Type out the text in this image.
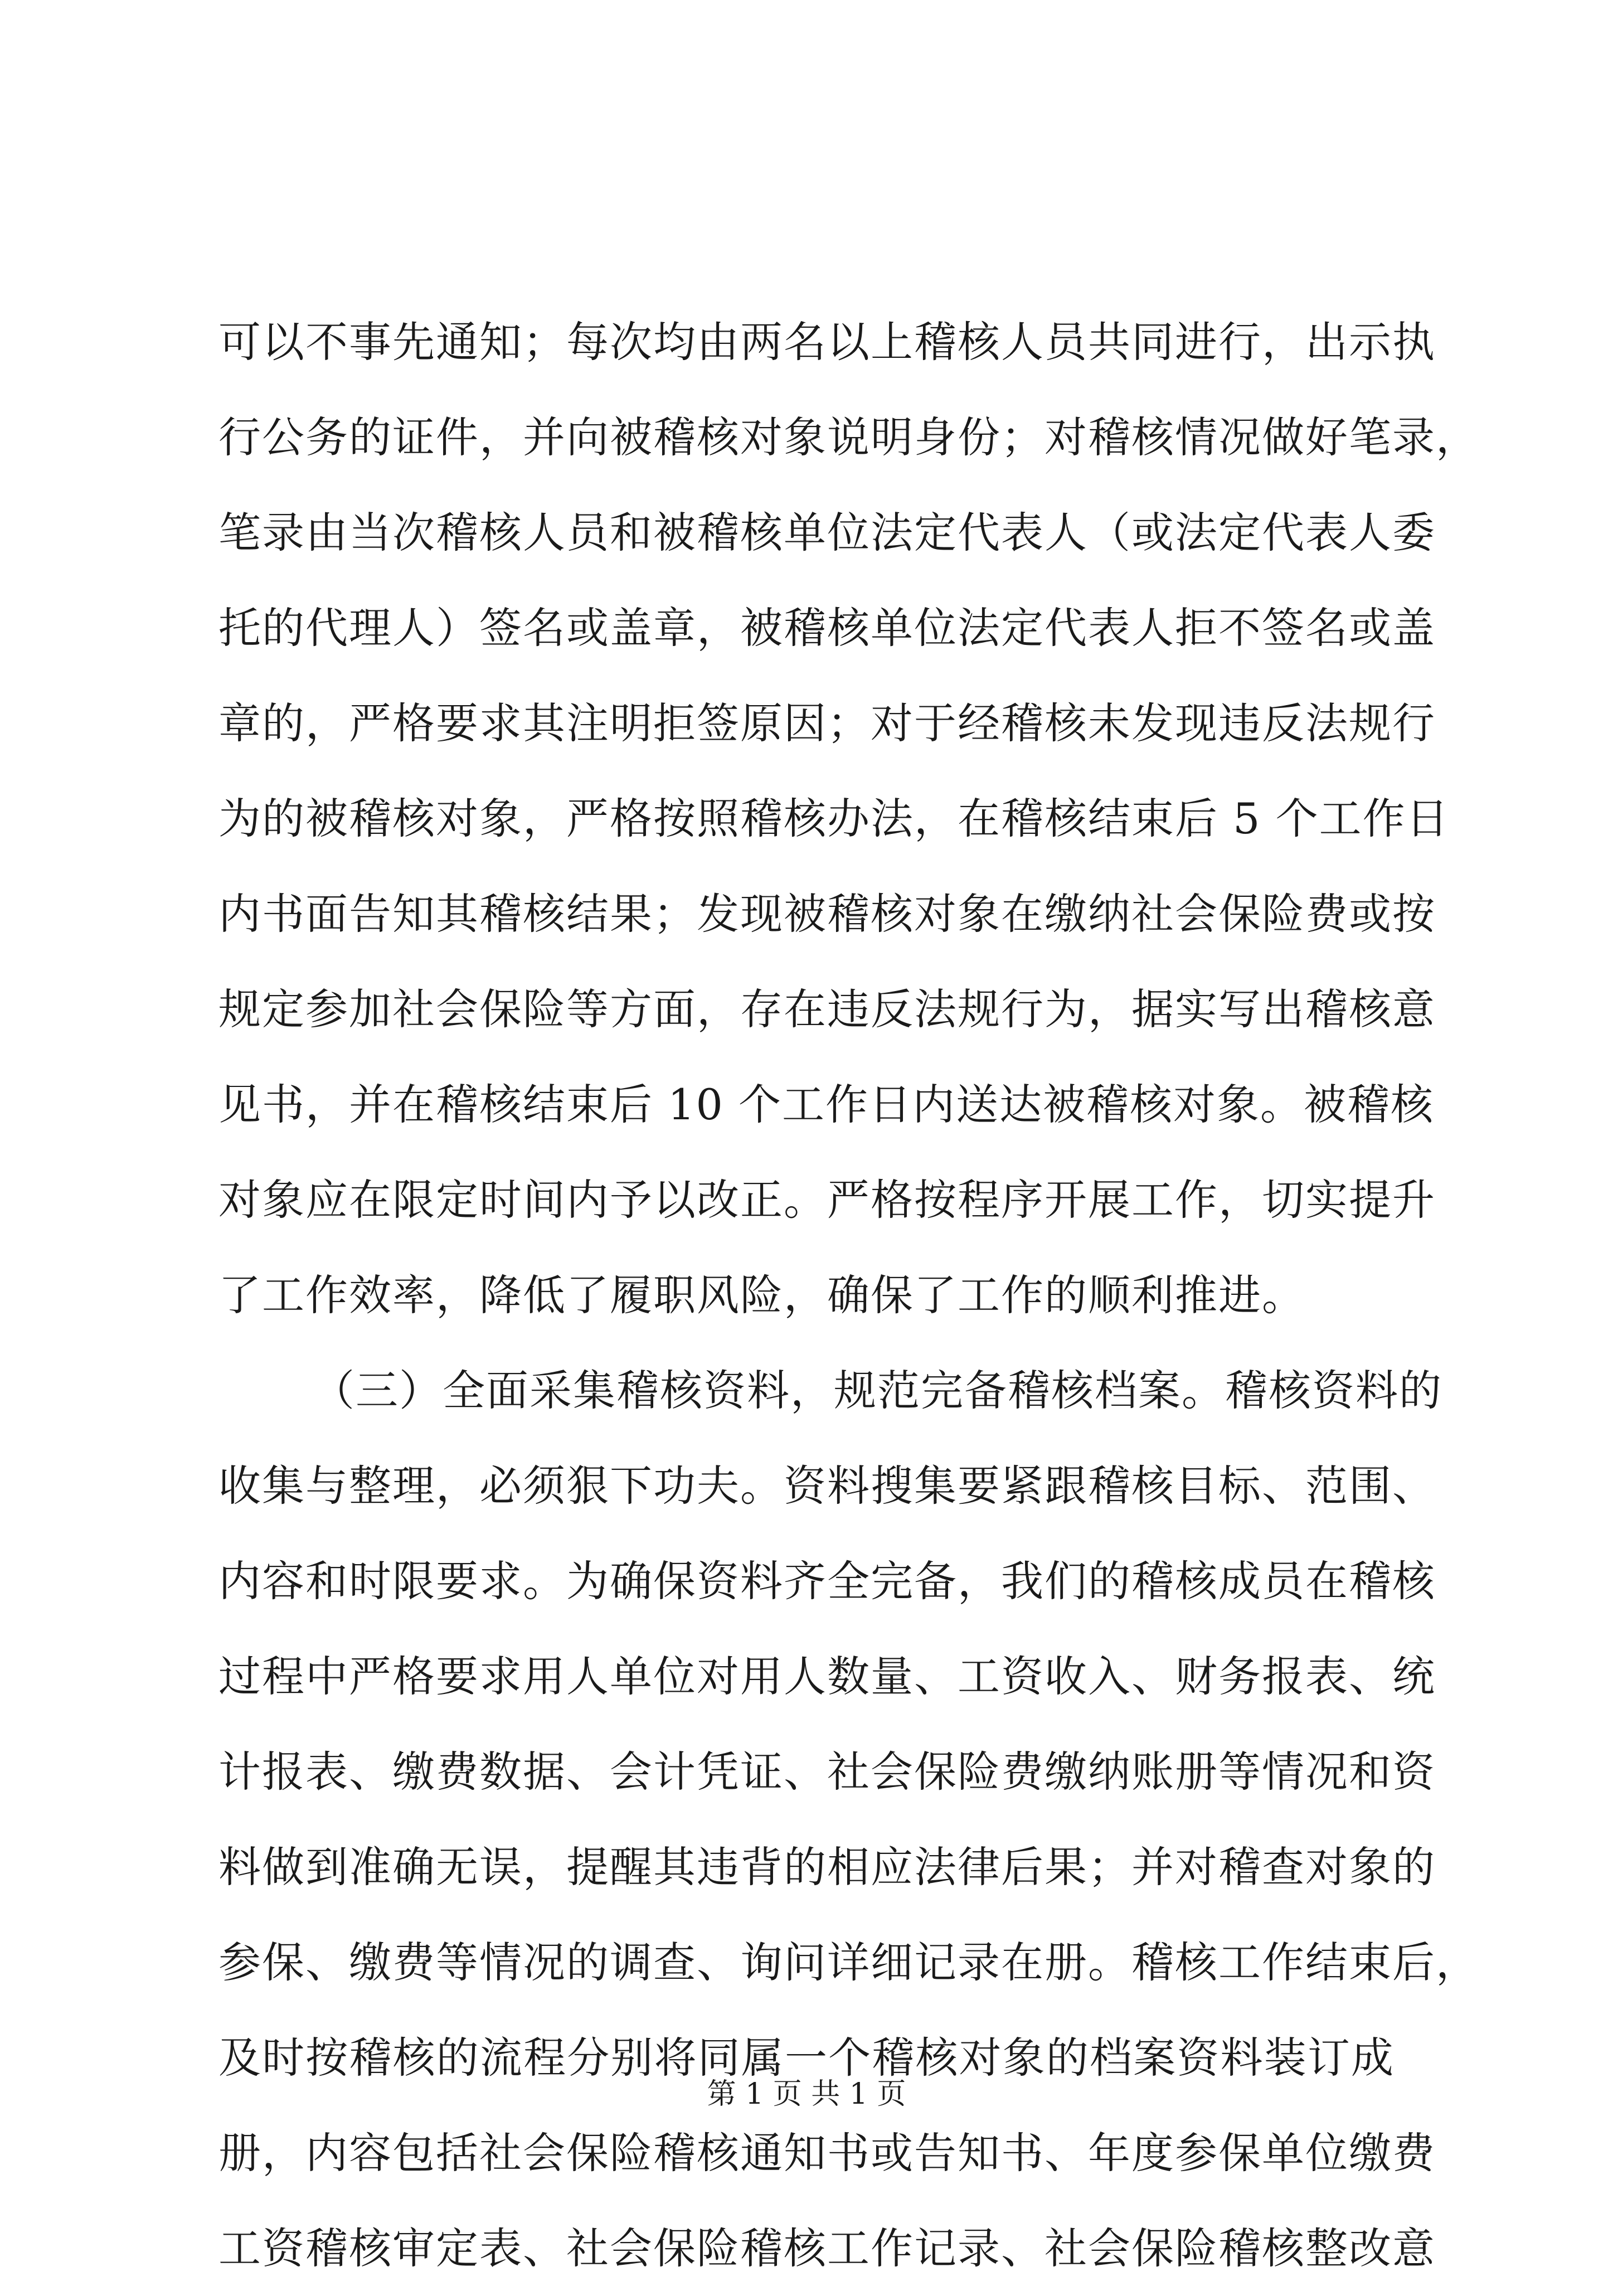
可以不事先通知；每次均由两名以上稽核人员共同进行，出示执
行公务的证件，并向被稽核对象说明身份；对稽核情况做好笔录，
笔录由当次稽核人员和被稽核单位法定代表人（或法定代表人委
托的代理人）签名或盖章，被稽核单位法定代表人拒不签名或盖
章的，严格要求其注明拒签原因；对于经稽核未发现违反法规行
为的被稽核对象，严格按照稽核办法，在稽核结束后 5 个工作日
内书面告知其稽核结果；发现被稽核对象在缴纳社会保险费或按
规定参加社会保险等方面，存在违反法规行为，据实写出稽核意
见书，并在稽核结束后 10 个工作日内送达被稽核对象。被稽核
对象应在限定时间内予以改正。严格按程序开展工作，切实提升
了工作效率，降低了履职风险，确保了工作的顺利推进。
（三）全面采集稽核资料，规范完备稽核档案。稽核资料的
收集与整理，必须狠下功夫。资料搜集要紧跟稽核目标、范围、
内容和时限要求。为确保资料齐全完备，我们的稽核成员在稽核
过程中严格要求用人单位对用人数量、工资收入、财务报表、统
计报表、缴费数据、会计凭证、社会保险费缴纳账册等情况和资
料做到准确无误，提醒其违背的相应法律后果；并对稽查对象的
参保、缴费等情况的调查、询问详细记录在册。稽核工作结束后，
及时按稽核的流程分别将同属一个稽核对象的档案资料装订成
册，内容包括社会保险稽核通知书或告知书、年度参保单位缴费
工资稽核审定表、社会保险稽核工作记录、社会保险稽核整改意
第 1 页 共 1 页
